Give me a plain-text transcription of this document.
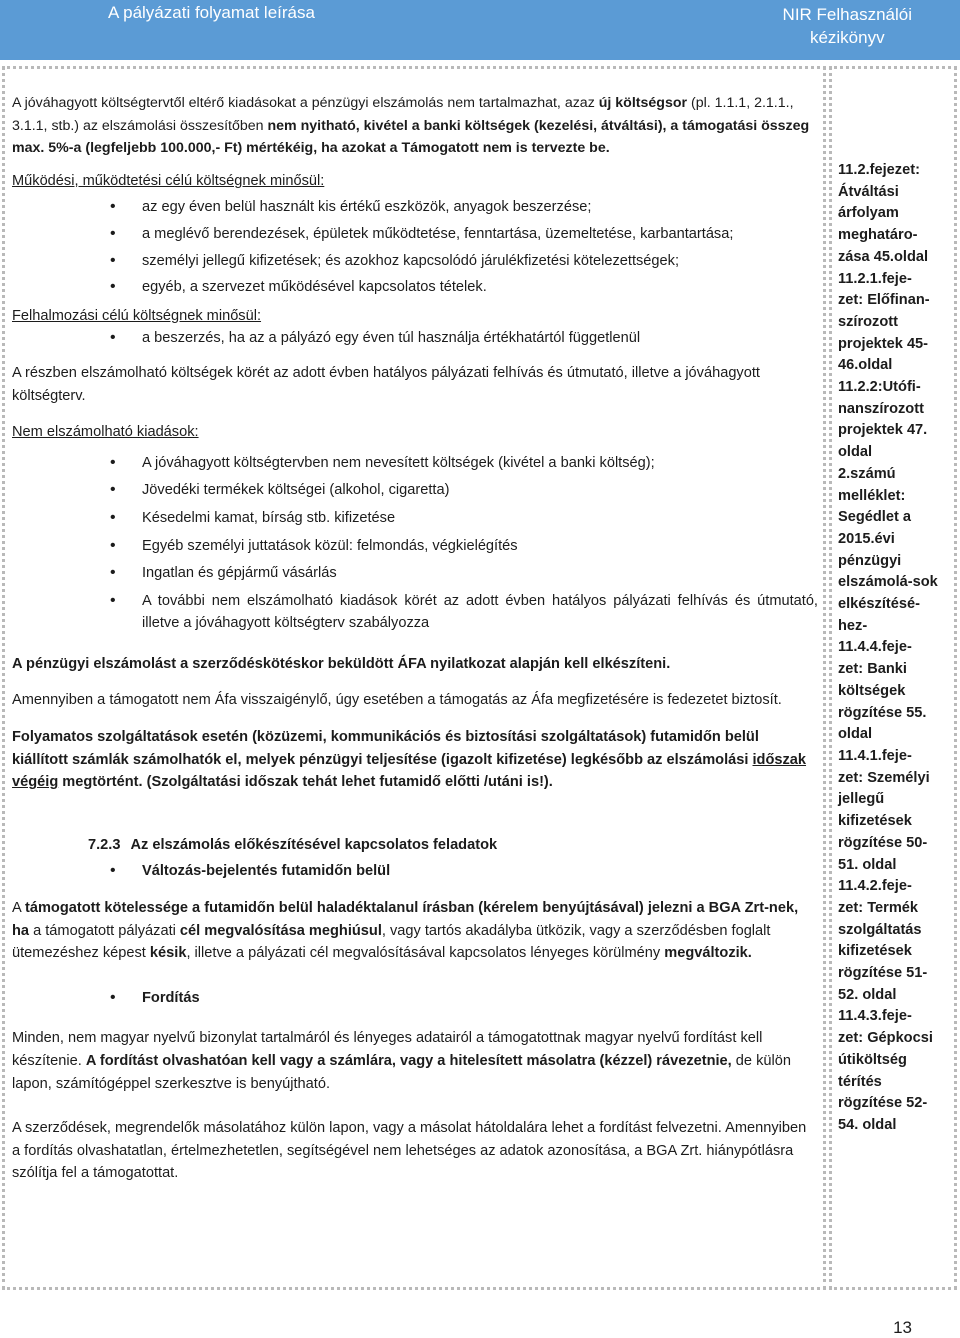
A pályázati folyamat leírása	NIR Felhasználói
kézikönyv

A jóváhagyott költségtervtől eltérő kiadásokat a pénzügyi elszámolás nem tartalmazhat, azaz új költségsor (pl. 1.1.1, 2.1.1., 3.1.1, stb.) az elszámolási összesítőben nem nyitható, kivétel a banki költségek (kezelési, átváltási), a támogatási összeg max. 5%-a (legfeljebb 100.000,- Ft) mértékéig, ha azokat a Támogatott nem is tervezte be.

Működési, működtetési célú költségnek minősül:

• az egy éven belül használt kis értékű eszközök, anyagok beszerzése;
• a meglévő berendezések, épületek működtetése, fenntartása, üzemeltetése, karbantartása;
• személyi jellegű kifizetések; és azokhoz kapcsolódó járulékfizetési kötelezettségek;
• egyéb, a szervezet működésével kapcsolatos tételek.

Felhalmozási célú költségnek minősül:

• a beszerzés, ha az a pályázó egy éven túl használja értékhatártól függetlenül

A részben elszámolható költségek körét az adott évben hatályos pályázati felhívás és útmutató, illetve a jóváhagyott költségterv.

Nem elszámolható kiadások:

• A jóváhagyott költségtervben nem nevesített költségek (kivétel a banki költség);
• Jövedéki termékek költségei (alkohol, cigaretta)
• Késedelmi kamat, bírság stb. kifizetése
• Egyéb személyi juttatások közül: felmondás, végkielégítés
• Ingatlan és gépjármű vásárlás
• A további nem elszámolható kiadások körét az adott évben hatályos pályázati felhívás és útmutató, illetve a jóváhagyott költségterv szabályozza

A pénzügyi elszámolást a szerződéskötéskor beküldött ÁFA nyilatkozat alapján kell elkészíteni.

Amennyiben a támogatott nem Áfa visszaigénylő, úgy esetében a támogatás az Áfa megfizetésére is fedezetet biztosít.

Folyamatos szolgáltatások esetén (közüzemi, kommunikációs és biztosítási szolgáltatások) futamidőn belül kiállított számlák számolhatók el, melyek pénzügyi teljesítése (igazolt kifizetése) legkésőbb az elszámolási időszak végéig megtörtént. (Szolgáltatási időszak tehát lehet futamidő előtti /utáni is!).

7.2.3 Az elszámolás előkészítésével kapcsolatos feladatok

• Változás-bejelentés futamidőn belül

A támogatott kötelessége a futamidőn belül haladéktalanul írásban (kérelem benyújtásával) jelezni a BGA Zrt-nek, ha a támogatott pályázati cél megvalósítása meghiúsul, vagy tartós akadályba ütközik, vagy a szerződésben foglalt ütemezéshez képest késik, illetve a pályázati cél megvalósításával kapcsolatos lényeges körülmény megváltozik.

• Fordítás

Minden, nem magyar nyelvű bizonylat tartalmáról és lényeges adatairól a támogatottnak magyar nyelvű fordítást kell készítenie. A fordítást olvashatóan kell vagy a számlára, vagy a hitelesített másolatra (kézzel) rávezetnie, de külön lapon, számítógéppel szerkesztve is benyújtható.

A szerződések, megrendelők másolatához külön lapon, vagy a másolat hátoldalára lehet a fordítást felvezetni. Amennyiben a fordítás olvashatatlan, értelmezhetetlen, segítségével nem lehetséges az adatok azonosítása, a BGA Zrt. hiánypótlásra szólítja fel a támogatottat.

11.2.fejezet:
Átváltási
árfolyam
meghatáro-
zása 45.oldal
11.2.1.feje-
zet: Előfinan-
szírozott
projektek 45-
46.oldal
11.2.2:Utófi-
nanszírozott
projektek 47.
oldal
2.számú
melléklet:
Segédlet a
2015.évi
pénzügyi
elszámolá-sok
elkészítésé-
hez-
11.4.4.feje-
zet: Banki
költségek
rögzítése 55.
oldal
11.4.1.feje-
zet: Személyi
jellegű
kifizetések
rögzítése 50-
51. oldal
11.4.2.feje-
zet: Termék
szolgáltatás
kifizetések
rögzítése 51-
52. oldal
11.4.3.feje-
zet: Gépkocsi
útiköltség
térítés
rögzítése 52-
54. oldal
13
